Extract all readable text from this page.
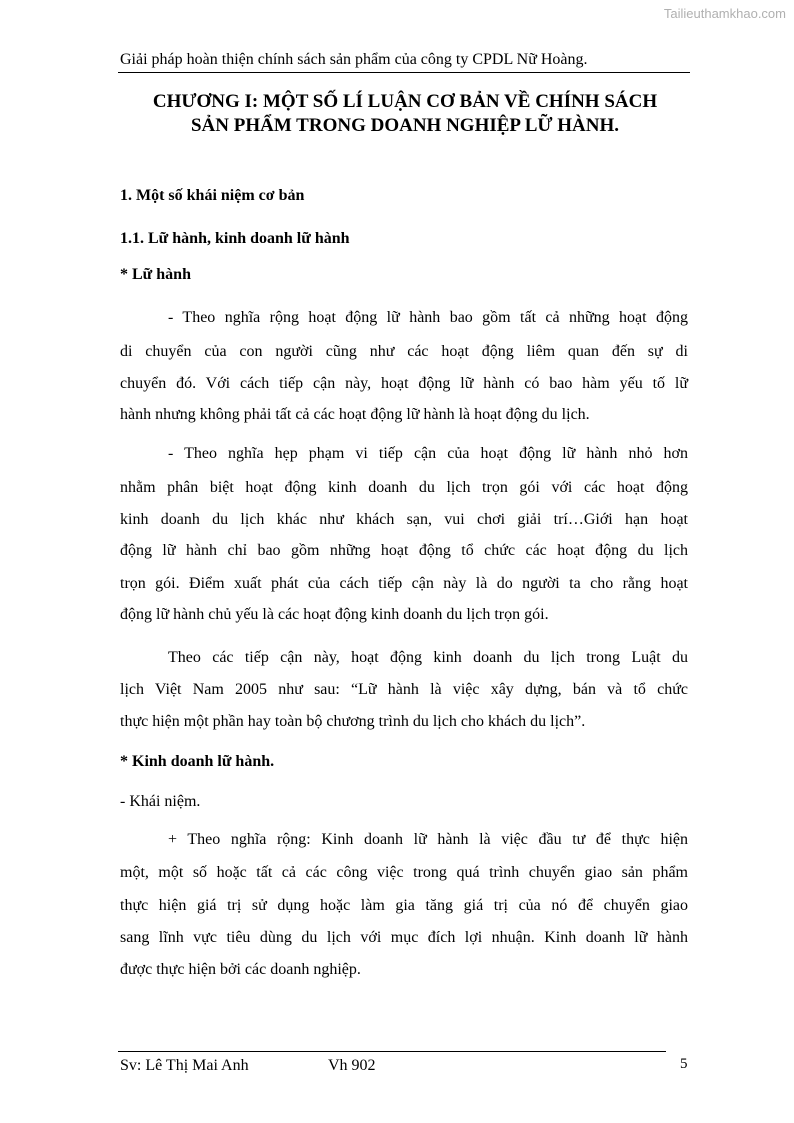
Tailieuthamkhao.com
Giải pháp hoàn thiện chính sách sản phẩm của công ty CPDL Nữ Hoàng.
CHƯƠNG I: MỘT SỐ LÍ LUẬN CƠ BẢN VỀ CHÍNH SÁCH
SẢN PHẨM TRONG DOANH NGHIỆP LỮ HÀNH.
1. Một số khái niệm cơ bản
1.1. Lữ hành, kinh doanh lữ hành
* Lữ hành
- Theo nghĩa rộng hoạt động lữ hành bao gồm tất cả những hoạt động
di chuyển của con người cũng như các hoạt động liêm quan đến sự di
chuyển đó. Với cách tiếp cận này, hoạt động lữ hành có bao hàm yếu tố lữ
hành nhưng không phải tất cả các hoạt động lữ hành là hoạt động du lịch.
- Theo nghĩa hẹp phạm vi tiếp cận của hoạt động lữ hành nhỏ hơn
nhằm phân biệt hoạt động kinh doanh du lịch trọn gói với các hoạt động
kinh doanh du lịch khác như khách sạn, vui chơi giải trí…Giới hạn hoạt
động lữ hành chỉ bao gồm những hoạt động tổ chức các hoạt động du lịch
trọn gói. Điểm xuất phát của cách tiếp cận này là do người ta cho rằng hoạt
động lữ hành chủ yếu là các hoạt động kinh doanh du lịch trọn gói.
Theo các tiếp cận này, hoạt động kinh doanh du lịch trong Luật du
lịch Việt Nam 2005 như sau: “Lữ hành là việc xây dựng, bán và tổ chức
thực hiện một phần hay toàn bộ chương trình du lịch cho khách du lịch”.
* Kinh doanh lữ hành.
- Khái niệm.
+ Theo nghĩa rộng: Kinh doanh lữ hành là việc đầu tư để thực hiện
một, một số hoặc tất cả các công việc trong quá trình chuyển giao sản phẩm
thực hiện giá trị sử dụng hoặc làm gia tăng giá trị của nó để chuyển giao
sang lĩnh vực tiêu dùng du lịch với mục đích lợi nhuận. Kinh doanh lữ hành
được thực hiện bởi các doanh nghiệp.
Sv: Lê Thị Mai Anh	Vh 902	5
